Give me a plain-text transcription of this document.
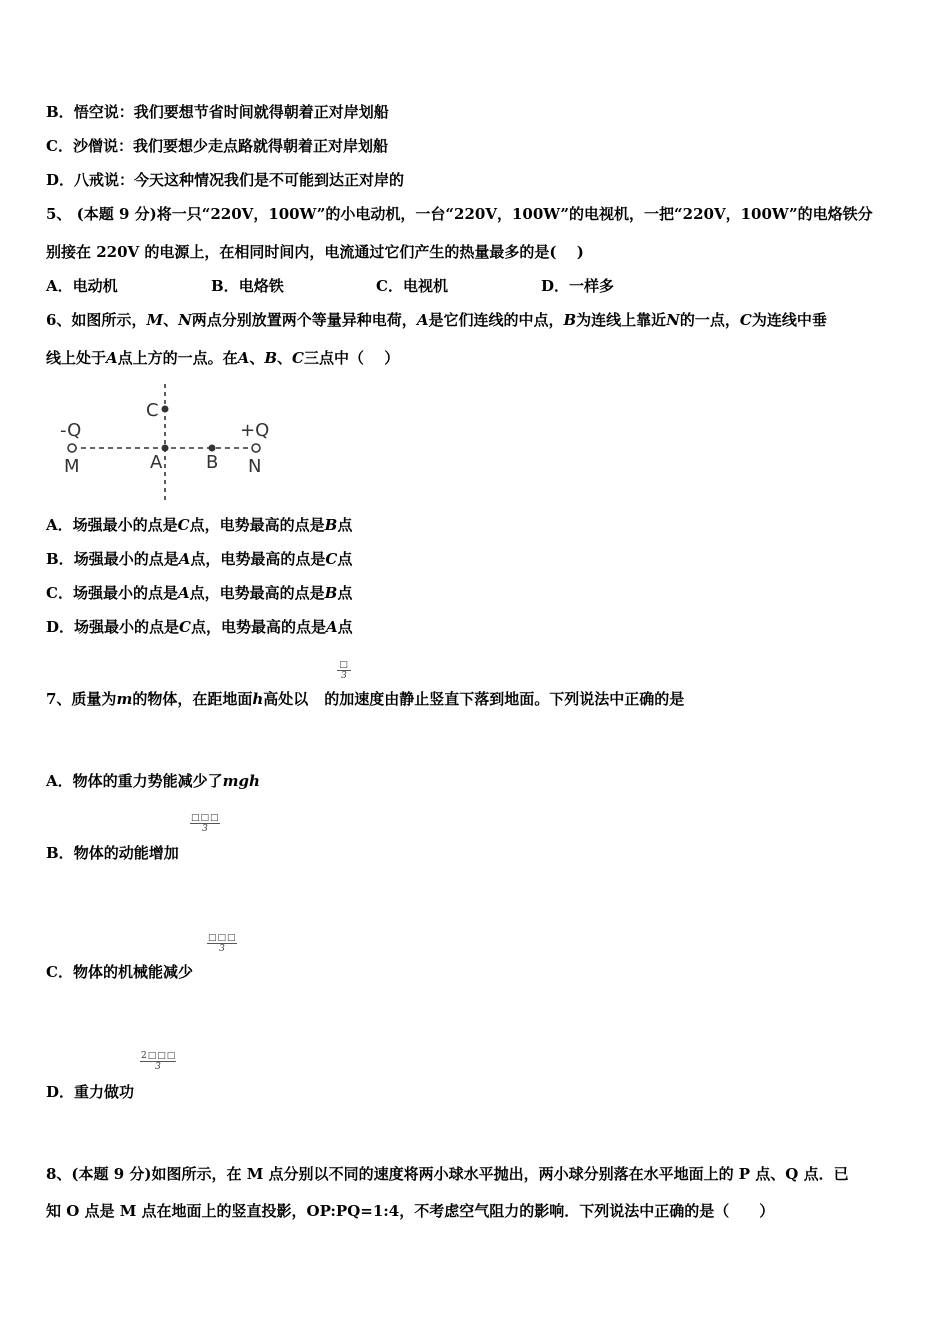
B．悟空说：我们要想节省时间就得朝着正对岸划船
C．沙僧说：我们要想少走点路就得朝着正对岸划船
D．八戒说：今天这种情况我们是不可能到达正对岸的
5、 (本题 9 分)将一只“220V，100W”的小电动机，一台“220V，100W”的电视机，一把“220V，100W”的电烙铁分
别接在 220V 的电源上，在相同时间内，电流通过它们产生的热量最多的是(　 )
A．电动机	B．电烙铁	C．电视机	D．一样多
6、如图所示，M、N两点分别放置两个等量异种电荷，A是它们连线的中点，B为连线上靠近N的一点，C为连线中垂
线上处于A点上方的一点。在A、B、C三点中（　 ）
-Q	+Q
M	A B N
C
A．场强最小的点是C点，电势最高的点是B点
B．场强最小的点是A点，电势最高的点是C点
C．场强最小的点是A点，电势最高的点是B点
D．场强最小的点是C点，电势最高的点是A点
□
3
7、质量为m的物体，在距地面h高处以 的加速度由静止竖直下落到地面。下列说法中正确的是
A．物体的重力势能减少了mgh
□□□
3
B．物体的动能增加
□□□
3
C．物体的机械能减少
$\frac{2□□□}{3}$
D．重力做功
8、(本题 9 分)如图所示，在 M 点分别以不同的速度将两小球水平抛出，两小球分别落在水平地面上的 P 点、Q 点．已
知 O 点是 M 点在地面上的竖直投影，OP:PQ=1:4，不考虑空气阻力的影响．下列说法中正确的是（　　）
